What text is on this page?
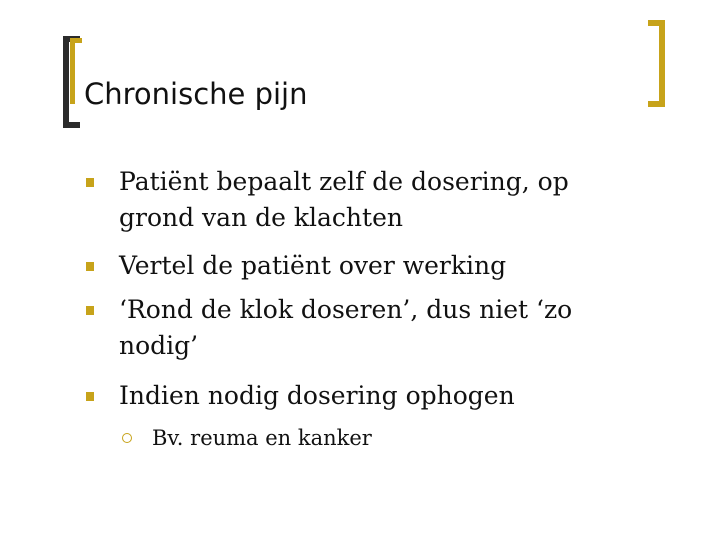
Chronische pijn

Patiënt bepaalt zelf de dosering, op grond van de klachten

Vertel de patiënt over werking

‘Rond de klok doseren’, dus niet ‘zo nodig’

Indien nodig dosering ophogen

Bv. reuma en kanker
